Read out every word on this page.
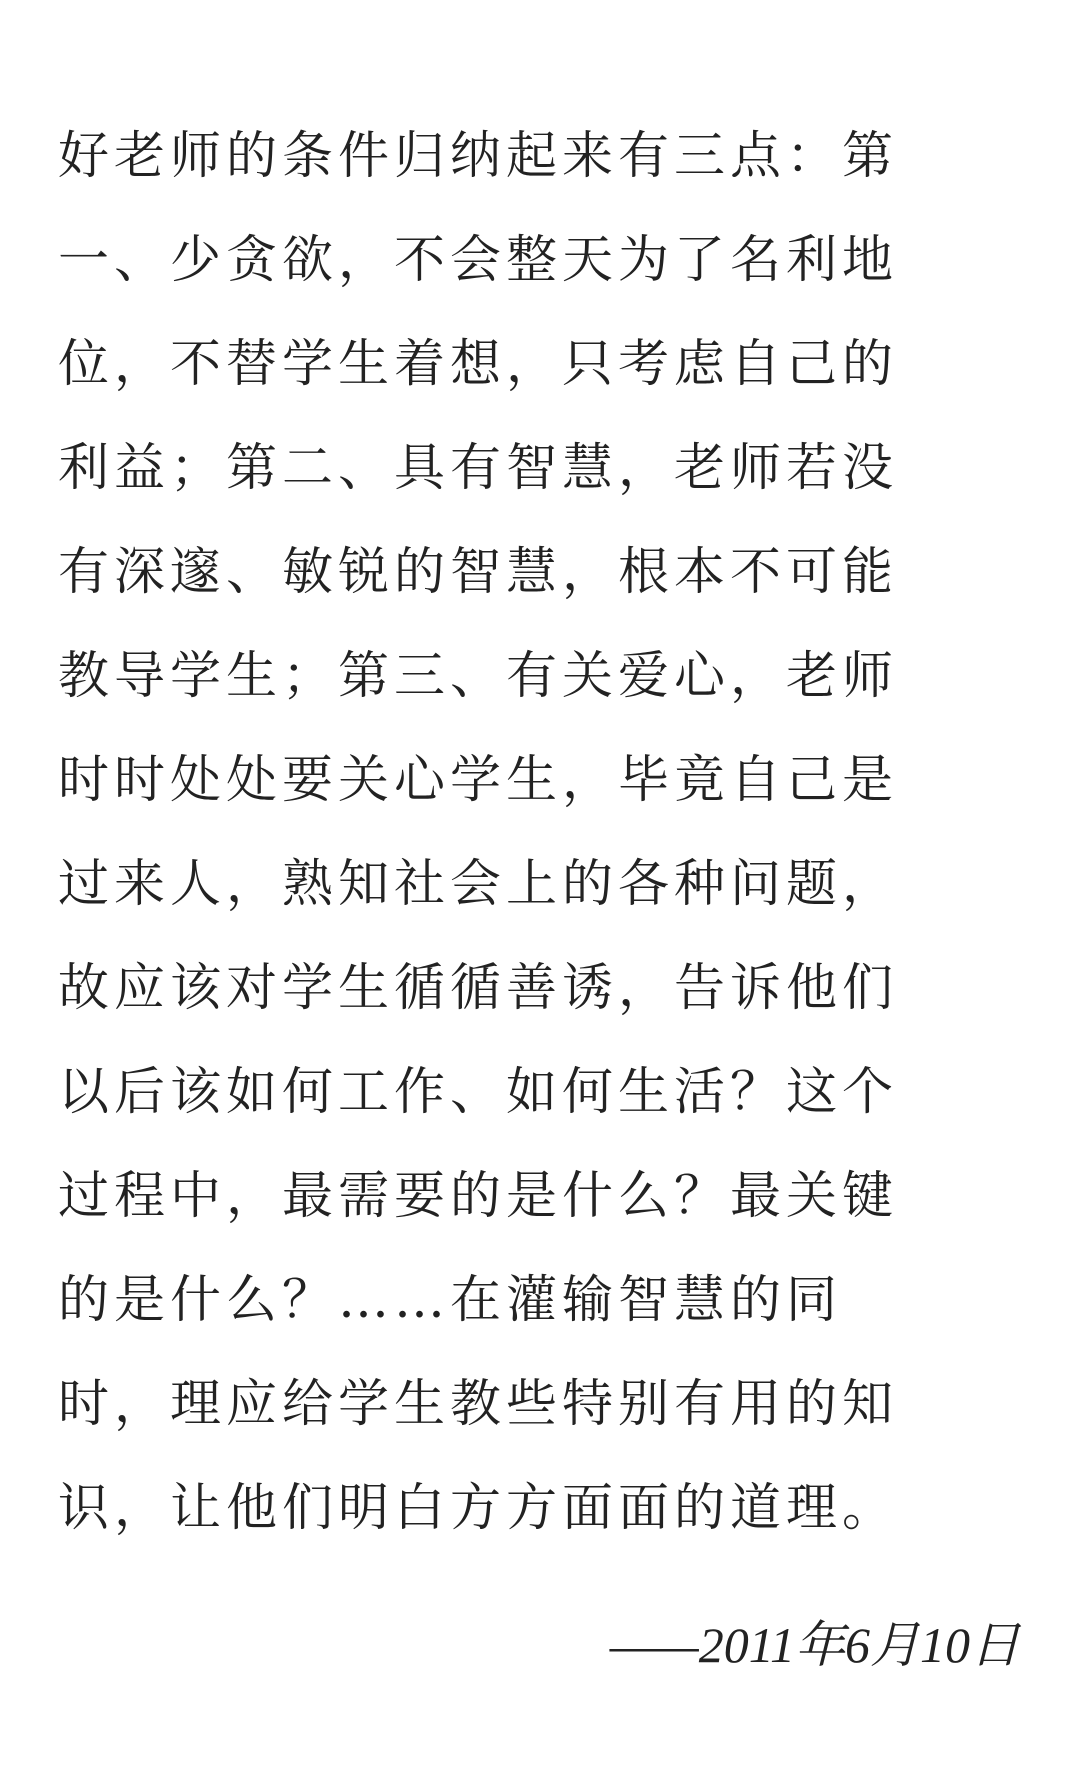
好老师的条件归纳起来有三点：第
一、少贪欲，不会整天为了名利地
位，不替学生着想，只考虑自己的
利益；第二、具有智慧，老师若没
有深邃、敏锐的智慧，根本不可能
教导学生；第三、有关爱心，老师
时时处处要关心学生，毕竟自己是
过来人，熟知社会上的各种问题，
故应该对学生循循善诱，告诉他们
以后该如何工作、如何生活？这个
过程中，最需要的是什么？最关键
的是什么？……在灌输智慧的同
时，理应给学生教些特别有用的知
识，让他们明白方方面面的道理。
——2011年6月10日
